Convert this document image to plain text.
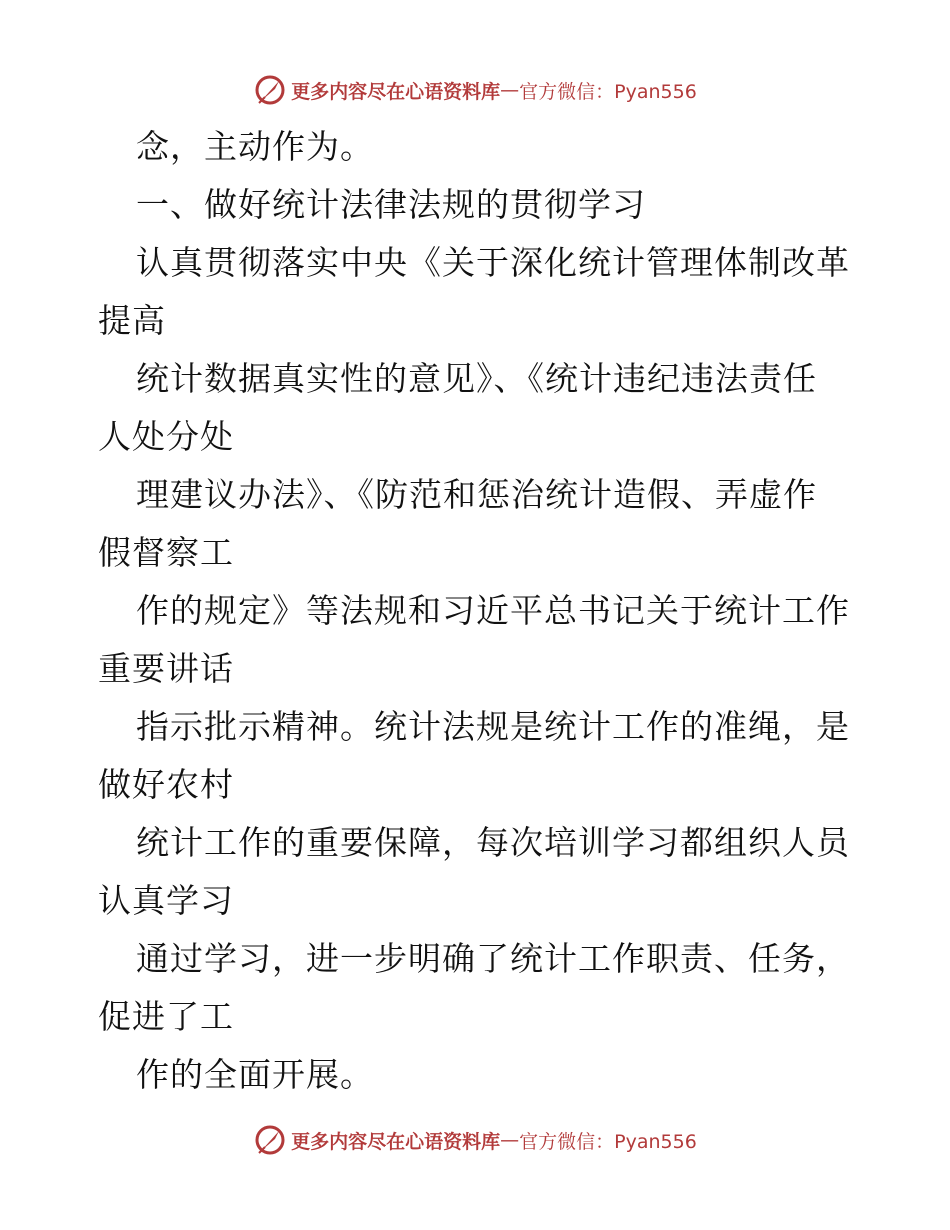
更多内容尽在心语资料库 — 官方微信：Pyan556
念，主动作为。
一、做好统计法律法规的贯彻学习
认真贯彻落实中央《关于深化统计管理体制改革
提高
统计数据真实性的意见》、《统计违纪违法责任
人处分处
理建议办法》、《防范和惩治统计造假、弄虚作
假督察工
作的规定》等法规和习近平总书记关于统计工作
重要讲话
指示批示精神。统计法规是统计工作的准绳，是
做好农村
统计工作的重要保障，每次培训学习都组织人员
认真学习
通过学习，进一步明确了统计工作职责、任务，
促进了工
作的全面开展。
更多内容尽在心语资料库 — 官方微信：Pyan556
